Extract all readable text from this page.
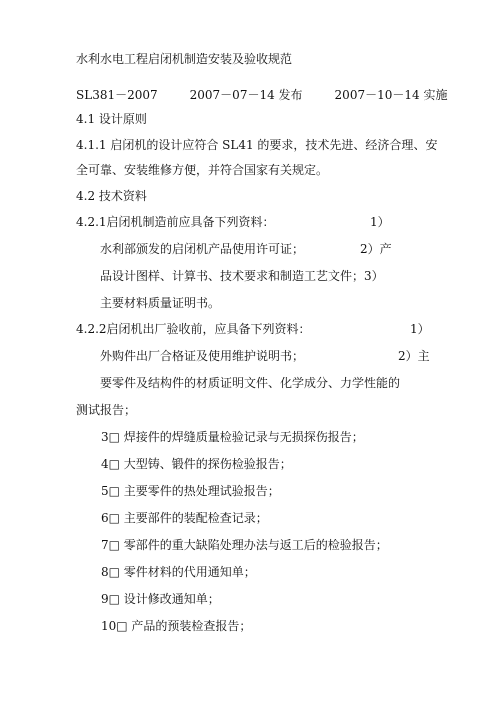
水利水电工程启闭机制造安装及验收规范
SL381－2007	2007－07－14 发布	2007－10－14 实施
4.1 设计原则
4.1.1 启闭机的设计应符合 SL41 的要求，技术先进、经济合理、安
全可靠、安装维修方便，并符合国家有关规定。
4.2 技术资料
4.2.1启闭机制造前应具备下列资料：	1）
水利部颁发的启闭机产品使用许可证；	2）产
品设计图样、计算书、技术要求和制造工艺文件； 3）
主要材料质量证明书。
4.2.2启闭机出厂验收前，应具备下列资料：	1）
外购件出厂合格证及使用维护说明书；	2）主
要零件及结构件的材质证明文件、化学成分、力学性能的
测试报告；
3□ 焊接件的焊缝质量检验记录与无损探伤报告；
4□ 大型铸、锻件的探伤检验报告；
5□ 主要零件的热处理试验报告；
6□ 主要部件的装配检查记录；
7□ 零部件的重大缺陷处理办法与返工后的检验报告；
8□ 零件材料的代用通知单；
9□ 设计修改通知单；
10□ 产品的预装检查报告；
